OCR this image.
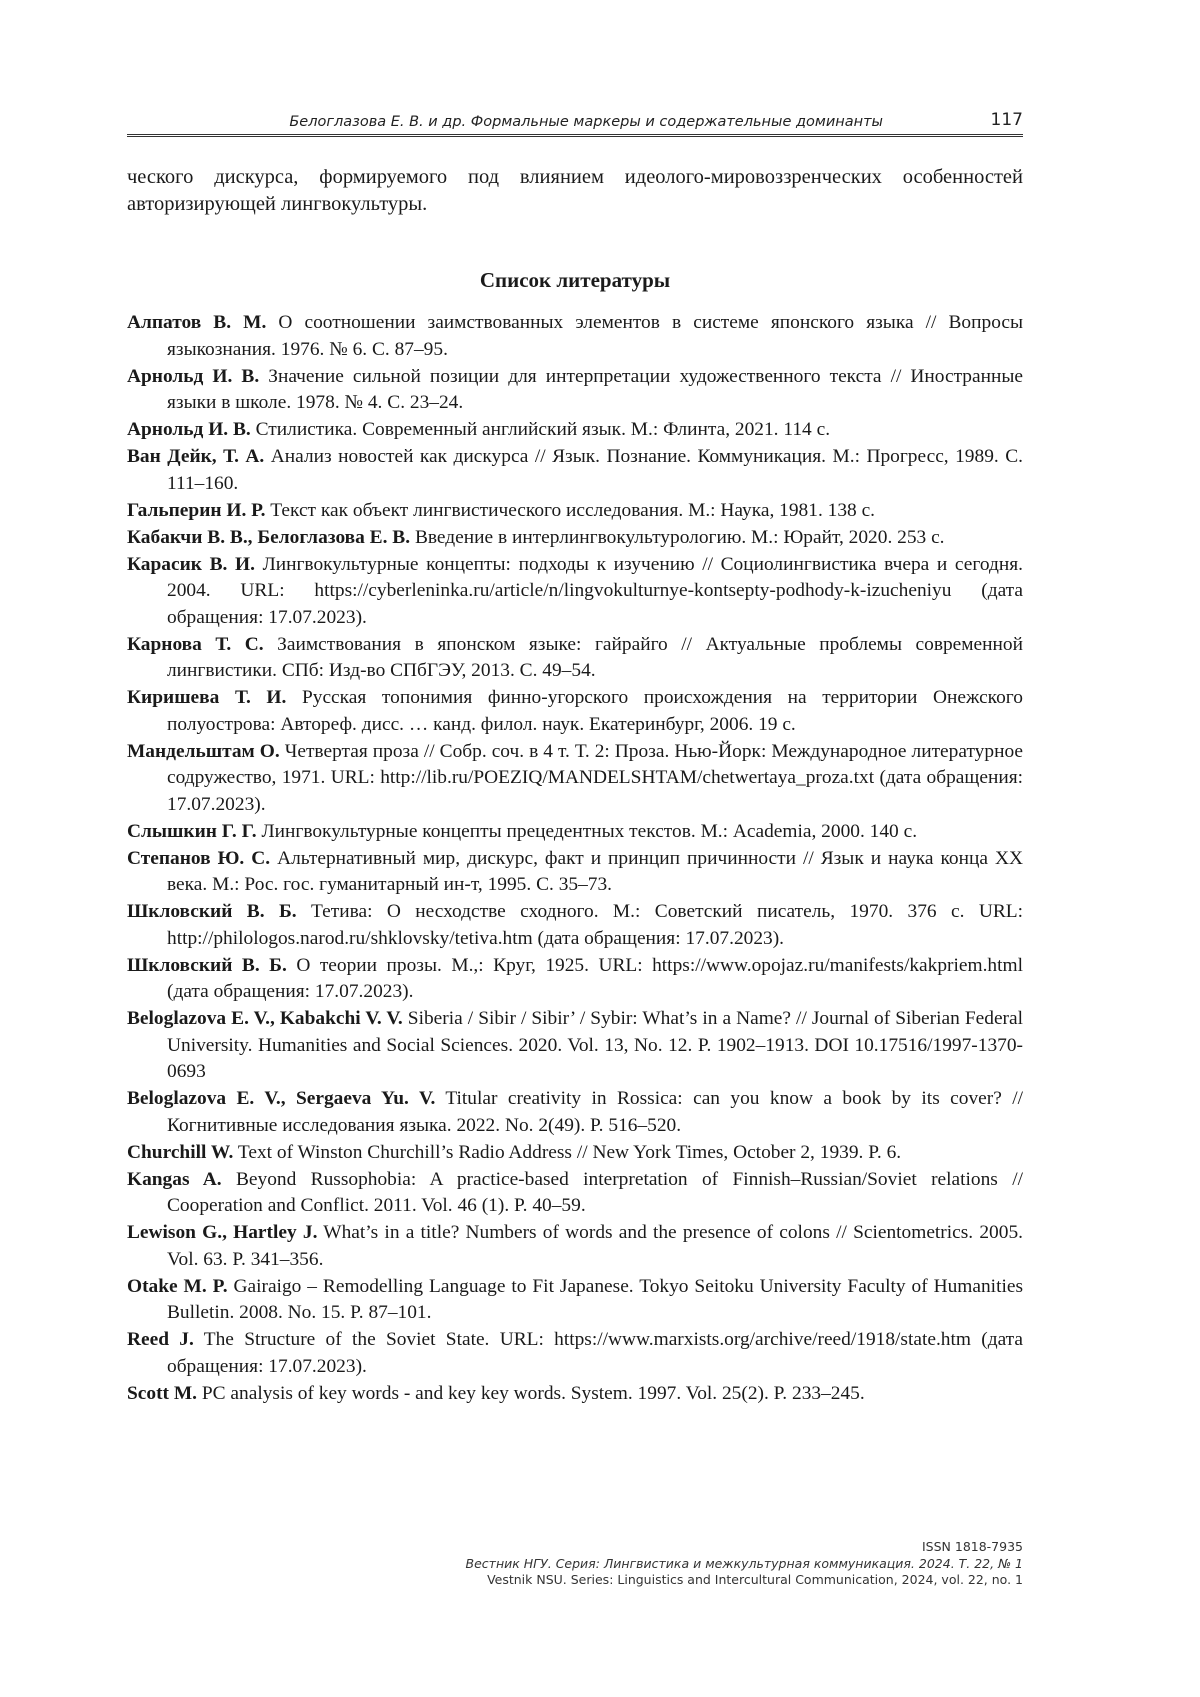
Белоглазова Е. В. и др. Формальные маркеры и содержательные доминанты	117

ческого дискурса, формируемого под влиянием идеолого-мировоззренческих особенностей авторизирующей лингвокультуры.

Список литературы
Алпатов В. М. О соотношении заимствованных элементов в системе японского языка // Вопросы языкознания. 1976. № 6. С. 87–95.
Арнольд И. В. Значение сильной позиции для интерпретации художественного текста // Иностранные языки в школе. 1978. № 4. С. 23–24.
Арнольд И. В. Стилистика. Современный английский язык. М.: Флинта, 2021. 114 с.
Ван Дейк, Т. А. Анализ новостей как дискурса // Язык. Познание. Коммуникация. М.: Прогресс, 1989. С. 111–160.
Гальперин И. Р. Текст как объект лингвистического исследования. М.: Наука, 1981. 138 с.
Кабакчи В. В., Белоглазова Е. В. Введение в интерлингвокультурологию. М.: Юрайт, 2020. 253 с.
Карасик В. И. Лингвокультурные концепты: подходы к изучению // Социолингвистика вчера и сегодня. 2004. URL: https://cyberleninka.ru/article/n/lingvokulturnye-kontsepty-podhody-k-izucheniyu (дата обращения: 17.07.2023).
Карнова Т. С. Заимствования в японском языке: гайрайго // Актуальные проблемы современной лингвистики. СПб: Изд-во СПбГЭУ, 2013. С. 49–54.
Киришева Т. И. Русская топонимия финно-угорского происхождения на территории Онежского полуострова: Автореф. дисс. … канд. филол. наук. Екатеринбург, 2006. 19 с.
Мандельштам О. Четвертая проза // Собр. соч. в 4 т. Т. 2: Проза. Нью-Йорк: Международное литературное содружество, 1971. URL: http://lib.ru/POEZIQ/MANDELSHTAM/chetwertaya_proza.txt (дата обращения: 17.07.2023).
Слышкин Г. Г. Лингвокультурные концепты прецедентных текстов. М.: Academia, 2000. 140 с.
Степанов Ю. С. Альтернативный мир, дискурс, факт и принцип причинности // Язык и наука конца XX века. М.: Рос. гос. гуманитарный ин-т, 1995. С. 35–73.
Шкловский В. Б. Тетива: О несходстве сходного. М.: Советский писатель, 1970. 376 с. URL: http://philologos.narod.ru/shklovsky/tetiva.htm (дата обращения: 17.07.2023).
Шкловский В. Б. О теории прозы. М.,: Круг, 1925. URL: https://www.opojaz.ru/manifests/kakpriem.html (дата обращения: 17.07.2023).
Beloglazova E. V., Kabakchi V. V. Siberia / Sibir / Sibir’ / Sybir: What’s in a Name? // Journal of Siberian Federal University. Humanities and Social Sciences. 2020. Vol. 13, No. 12. P. 1902–1913. DOI 10.17516/1997-1370-0693
Beloglazova E. V., Sergaeva Yu. V. Titular creativity in Rossica: can you know a book by its cover? // Когнитивные исследования языка. 2022. No. 2(49). P. 516–520.
Churchill W. Text of Winston Churchill’s Radio Address // New York Times, October 2, 1939. P. 6.
Kangas A. Beyond Russophobia: A practice-based interpretation of Finnish–Russian/Soviet relations // Cooperation and Conflict. 2011. Vol. 46 (1). P. 40–59.
Lewison G., Hartley J. What’s in a title? Numbers of words and the presence of colons // Scientometrics. 2005. Vol. 63. P. 341–356.
Otake M. P. Gairaigo – Remodelling Language to Fit Japanese. Tokyo Seitoku University Faculty of Humanities Bulletin. 2008. No. 15. P. 87–101.
Reed J. The Structure of the Soviet State. URL: https://www.marxists.org/archive/reed/1918/state.htm (дата обращения: 17.07.2023).
Scott M. PC analysis of key words - and key key words. System. 1997. Vol. 25(2). P. 233–245.
ISSN 1818-7935
Вестник НГУ. Серия: Лингвистика и межкультурная коммуникация. 2024. Т. 22, № 1
Vestnik NSU. Series: Linguistics and Intercultural Communication, 2024, vol. 22, no. 1
